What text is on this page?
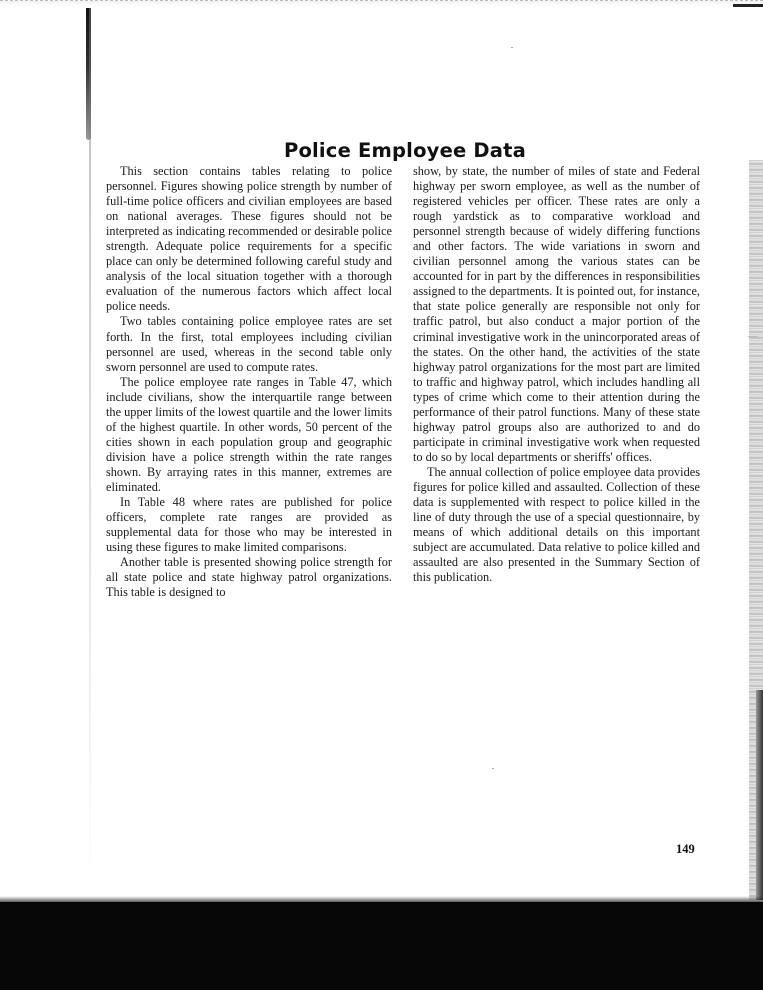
Police Employee Data

This section contains tables relating to police personnel. Figures showing police strength by number of full-time police officers and civilian employees are based on national averages. These figures should not be interpreted as indicating recommended or desirable police strength. Adequate police requirements for a specific place can only be determined following careful study and analysis of the local situation together with a thorough evaluation of the numerous factors which affect local police needs.

Two tables containing police employee rates are set forth. In the first, total employees including civilian personnel are used, whereas in the second table only sworn personnel are used to compute rates.

The police employee rate ranges in Table 47, which include civilians, show the interquartile range between the upper limits of the lowest quartile and the lower limits of the highest quartile. In other words, 50 percent of the cities shown in each population group and geographic division have a police strength within the rate ranges shown. By arraying rates in this manner, extremes are eliminated.

In Table 48 where rates are published for police officers, complete rate ranges are provided as supplemental data for those who may be interested in using these figures to make limited comparisons.

Another table is presented showing police strength for all state police and state highway patrol organizations. This table is designed to

show, by state, the number of miles of state and Federal highway per sworn employee, as well as the number of registered vehicles per officer. These rates are only a rough yardstick as to comparative workload and personnel strength because of widely differing functions and other factors. The wide variations in sworn and civilian personnel among the various states can be accounted for in part by the differences in responsibilities assigned to the departments. It is pointed out, for instance, that state police generally are responsible not only for traffic patrol, but also conduct a major portion of the criminal investigative work in the unincorporated areas of the states. On the other hand, the activities of the state highway patrol organizations for the most part are limited to traffic and highway patrol, which includes handling all types of crime which come to their attention during the performance of their patrol functions. Many of these state highway patrol groups also are authorized to and do participate in criminal investigative work when requested to do so by local departments or sheriffs' offices.

The annual collection of police employee data provides figures for police killed and assaulted. Collection of these data is supplemented with respect to police killed in the line of duty through the use of a special questionnaire, by means of which additional details on this important subject are accumulated. Data relative to police killed and assaulted are also presented in the Summary Section of this publication.

149
